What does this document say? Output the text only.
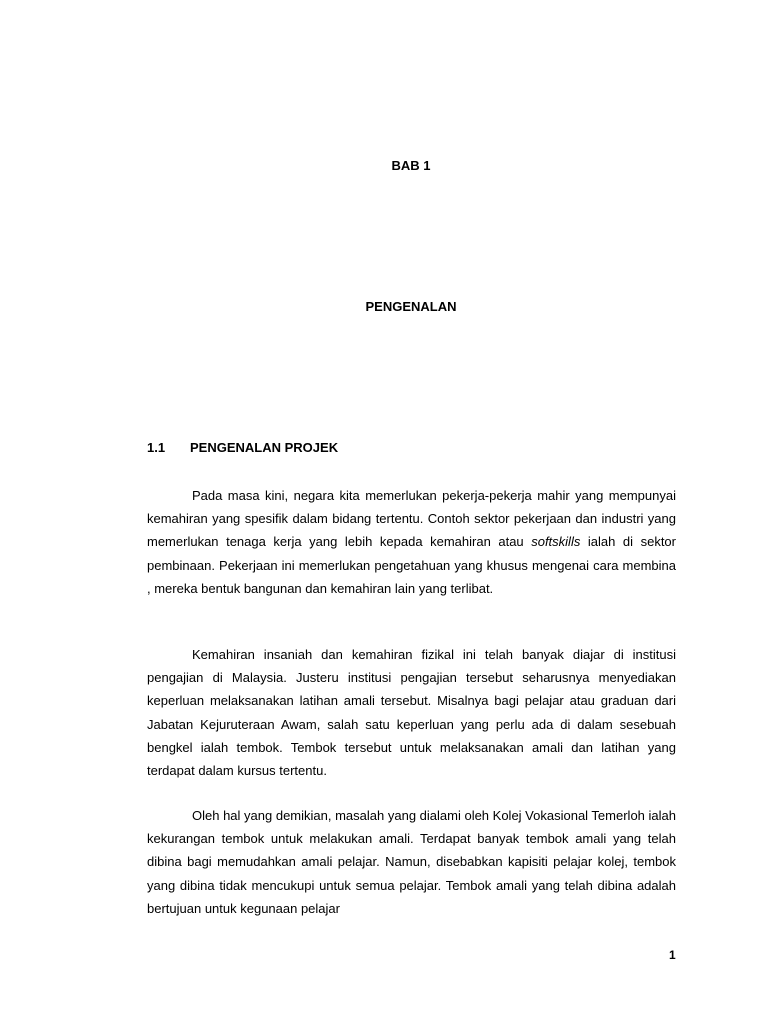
BAB 1
PENGENALAN
1.1 PENGENALAN PROJEK

Pada masa kini, negara kita memerlukan pekerja-pekerja mahir yang mempunyai kemahiran yang spesifik dalam bidang tertentu. Contoh sektor pekerjaan dan industri yang memerlukan tenaga kerja yang lebih kepada kemahiran atau softskills ialah di sektor pembinaan. Pekerjaan ini memerlukan pengetahuan yang khusus mengenai cara membina , mereka bentuk bangunan dan kemahiran lain yang terlibat.

Kemahiran insaniah dan kemahiran fizikal ini telah banyak diajar di institusi pengajian di Malaysia. Justeru institusi pengajian tersebut seharusnya menyediakan keperluan melaksanakan latihan amali tersebut. Misalnya bagi pelajar atau graduan dari Jabatan Kejuruteraan Awam, salah satu keperluan yang perlu ada di dalam sesebuah bengkel ialah tembok. Tembok tersebut untuk melaksanakan amali dan latihan yang terdapat dalam kursus tertentu.

Oleh hal yang demikian, masalah yang dialami oleh Kolej Vokasional Temerloh ialah kekurangan tembok untuk melakukan amali. Terdapat banyak tembok amali yang telah dibina bagi memudahkan amali pelajar. Namun, disebabkan kapisiti pelajar kolej, tembok yang dibina tidak mencukupi untuk semua pelajar. Tembok amali yang telah dibina adalah bertujuan untuk kegunaan pelajar

1
